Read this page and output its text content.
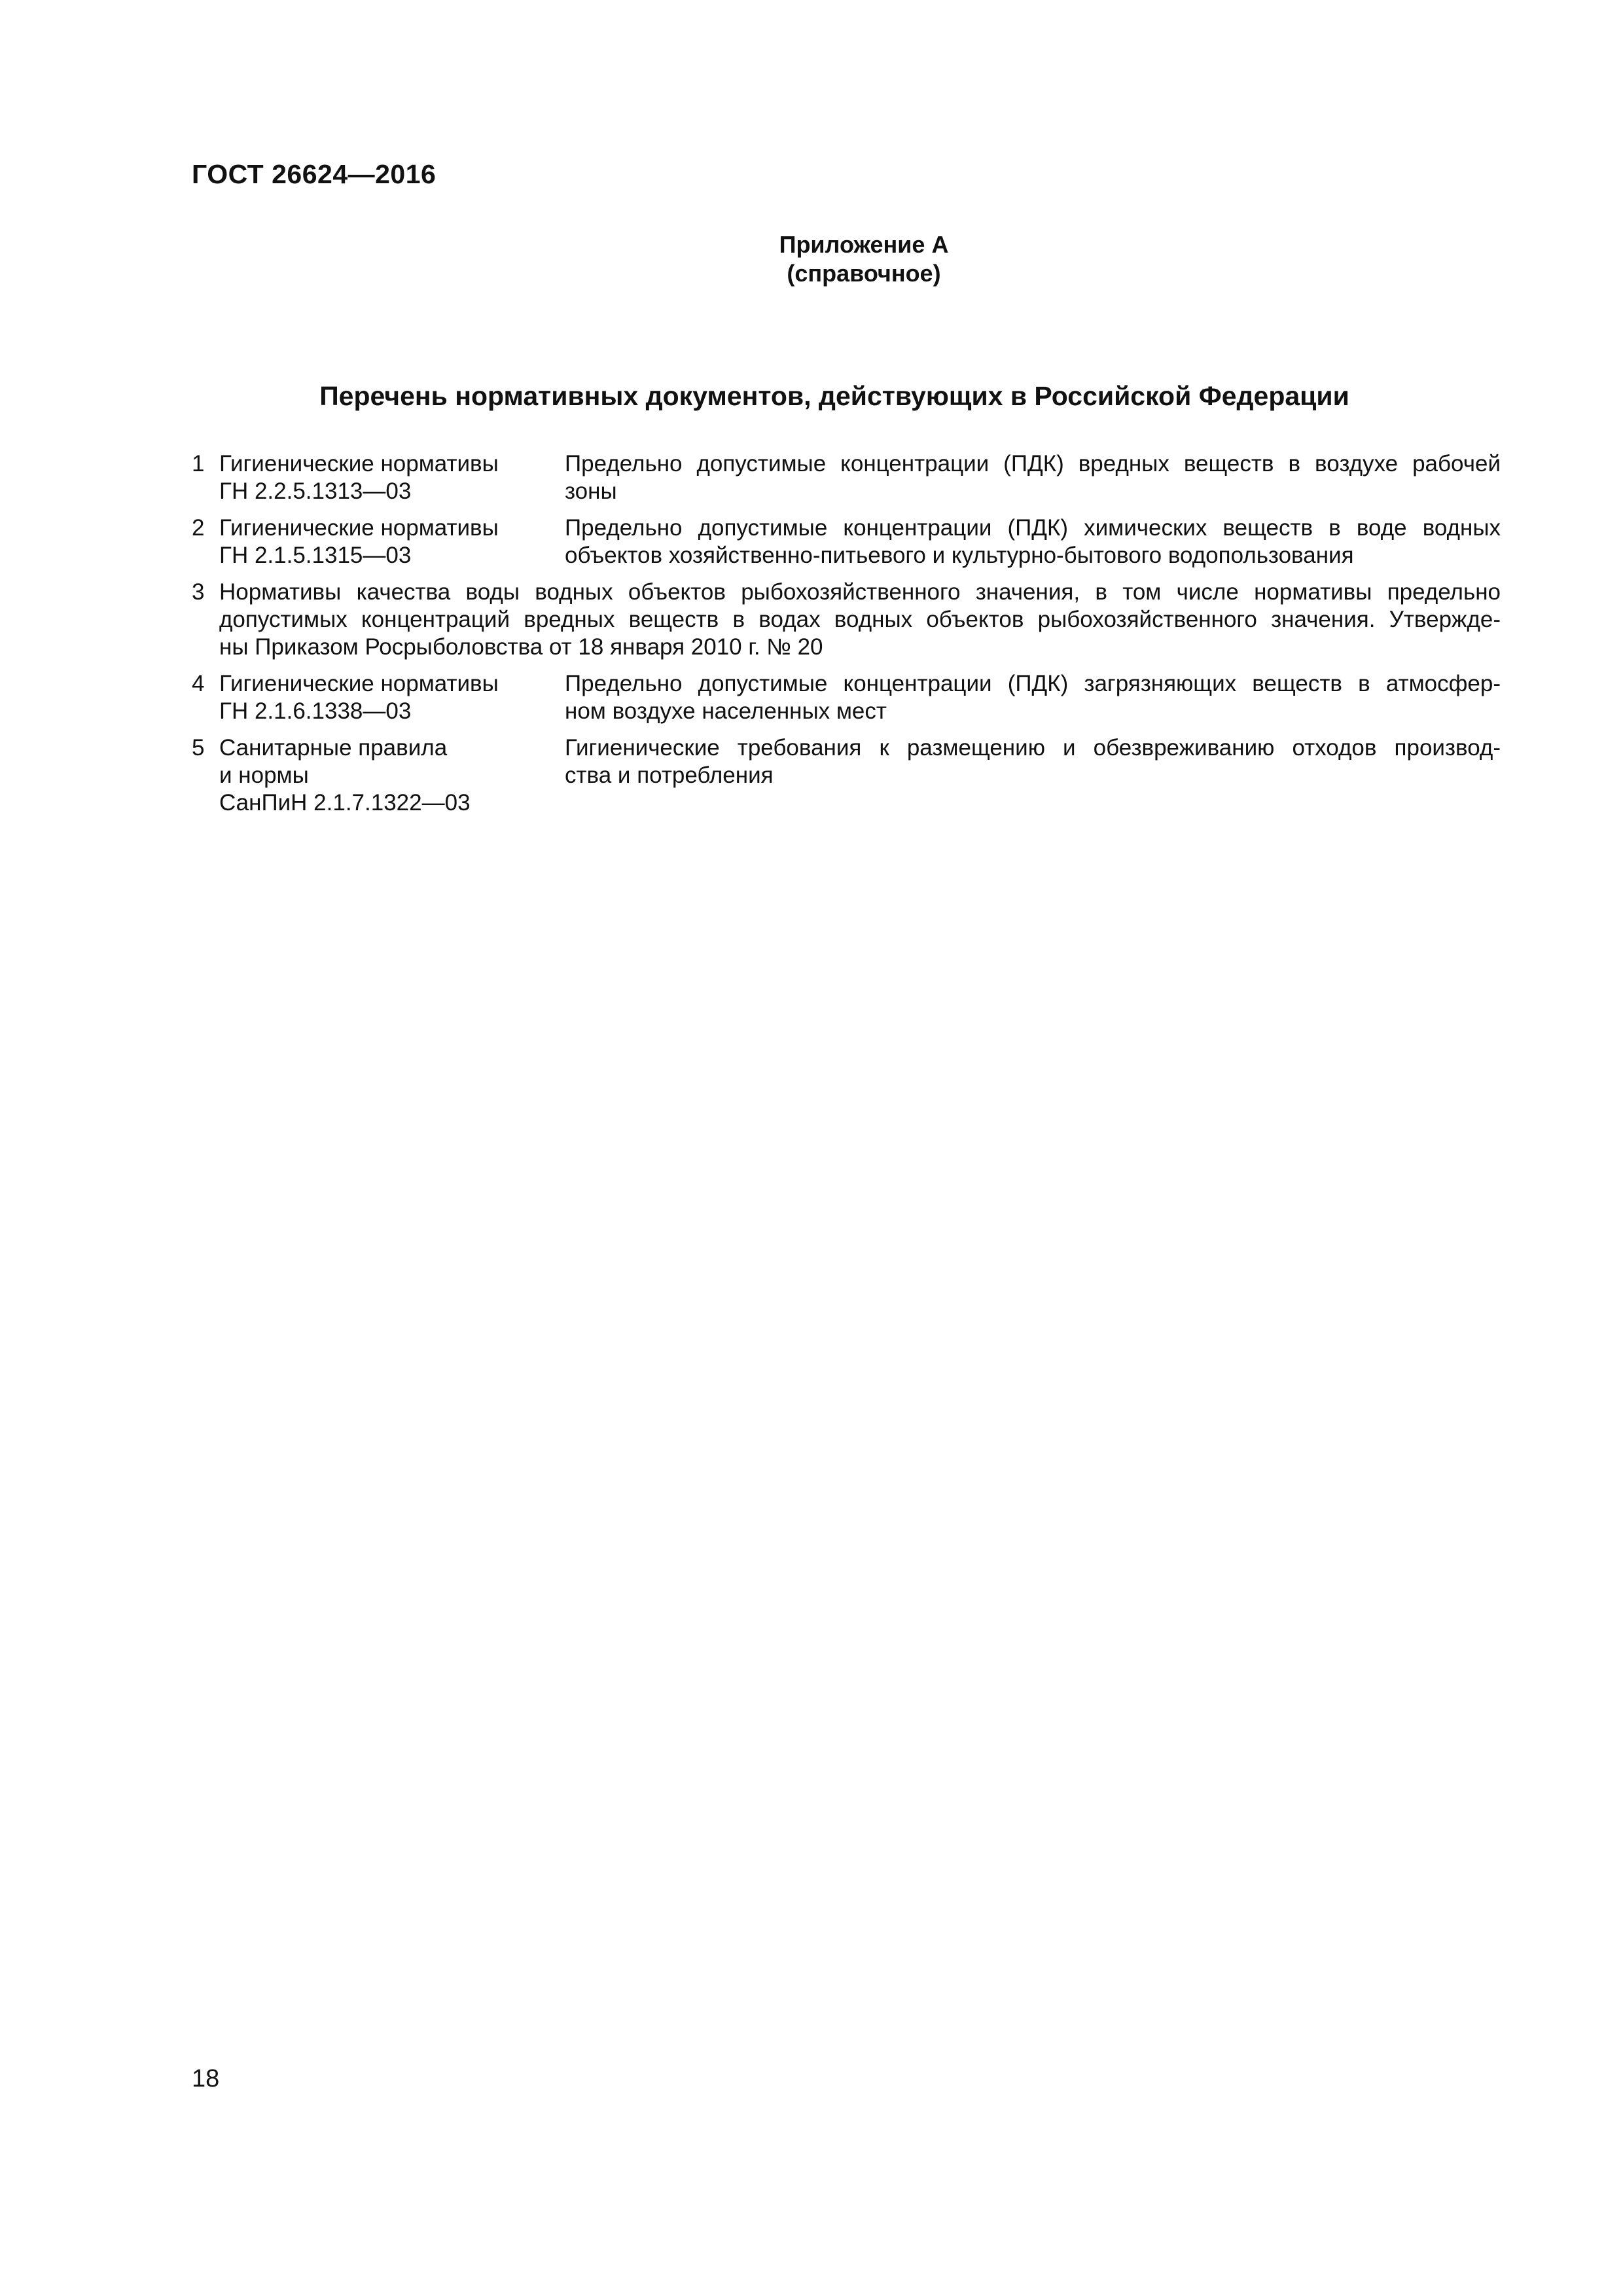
ГОСТ 26624—2016
Приложение А
(справочное)
Перечень нормативных документов, действующих в Российской Федерации
1 Гигиенические нормативы
ГН 2.2.5.1313—03
Предельно допустимые концентрации (ПДК) вредных веществ в воздухе рабочей
зоны
2 Гигиенические нормативы
ГН 2.1.5.1315—03
Предельно допустимые концентрации (ПДК) химических веществ в воде водных
объектов хозяйственно-питьевого и культурно-бытового водопользования
3 Нормативы качества воды водных объектов рыбохозяйственного значения, в том числе нормативы предельно
допустимых концентраций вредных веществ в водах водных объектов рыбохозяйственного значения. Утвержде-
ны Приказом Росрыболовства от 18 января 2010 г. № 20
4 Гигиенические нормативы
ГН 2.1.6.1338—03
Предельно допустимые концентрации (ПДК) загрязняющих веществ в атмосфер-
ном воздухе населенных мест
5 Санитарные правила
и нормы
СанПиН 2.1.7.1322—03
Гигиенические требования к размещению и обезвреживанию отходов производ-
ства и потребления
18
